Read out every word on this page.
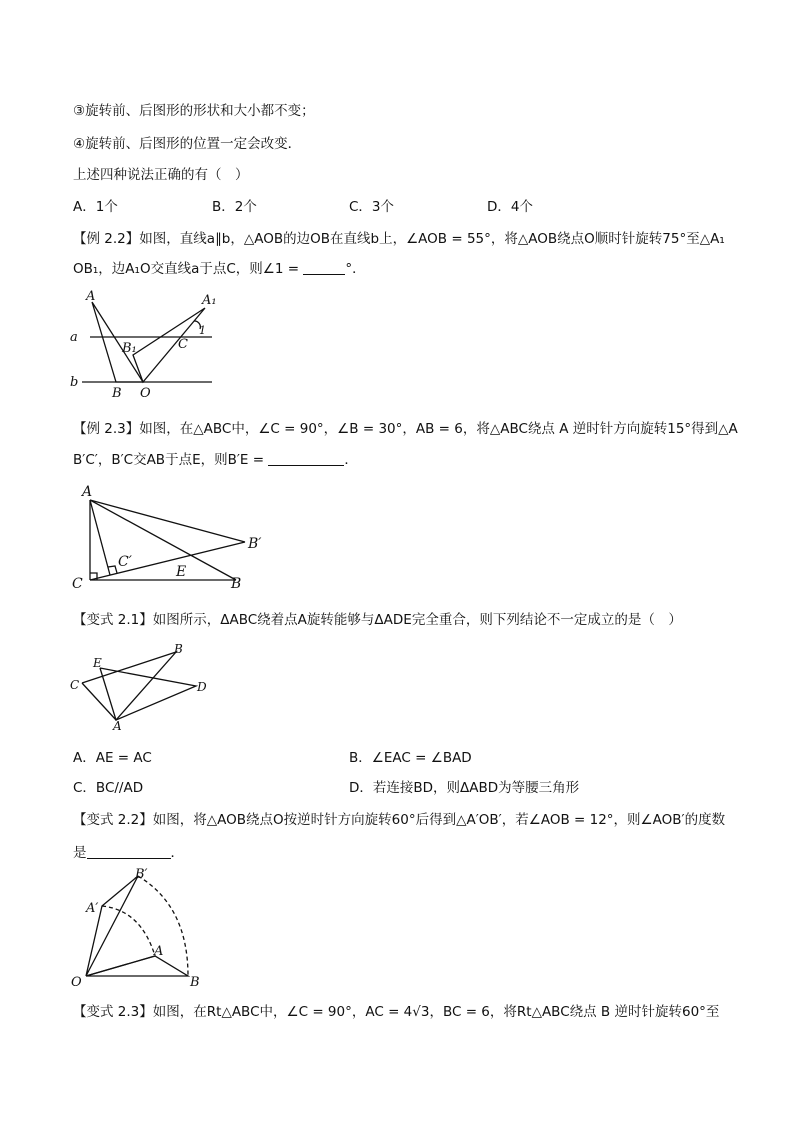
③旋转前、后图形的形状和大小都不变；
④旋转前、后图形的位置一定会改变．
上述四种说法正确的有（　）
A．1个	B．2个	C．3个	D．4个
【例 2.2】如图，直线a∥b，△AOB的边OB在直线b上，∠AOB = 55°，将△AOB绕点O顺时针旋转75°至△A₁
OB₁，边A₁O交直线a于点C，则∠1 =	°．
A	A₁
a
b
B₁	C
1
B O
【例 2.3】如图，在△ABC中，∠C = 90°，∠B = 30°，AB = 6，将△ABC绕点 A 逆时针方向旋转15°得到△A
B′C′，B′C交AB于点E，则B′E =	．
A
B′
C′
E
C	B
【变式 2.1】如图所示，ΔABC绕着点A旋转能够与ΔADE完全重合，则下列结论不一定成立的是（　）
E
B
C	D
A
A．AE = AC	B．∠EAC = ∠BAD
C．BC//AD	D．若连接BD，则ΔABD为等腰三角形
【变式 2.2】如图，将△AOB绕点O按逆时针方向旋转60°后得到△A′OB′，若∠AOB = 12°，则∠AOB′的度数
是	．
B′
A′
A
O	B
【变式 2.3】如图，在Rt△ABC中，∠C = 90°，AC = 4√3，BC = 6，将Rt△ABC绕点 B 逆时针旋转60°至
